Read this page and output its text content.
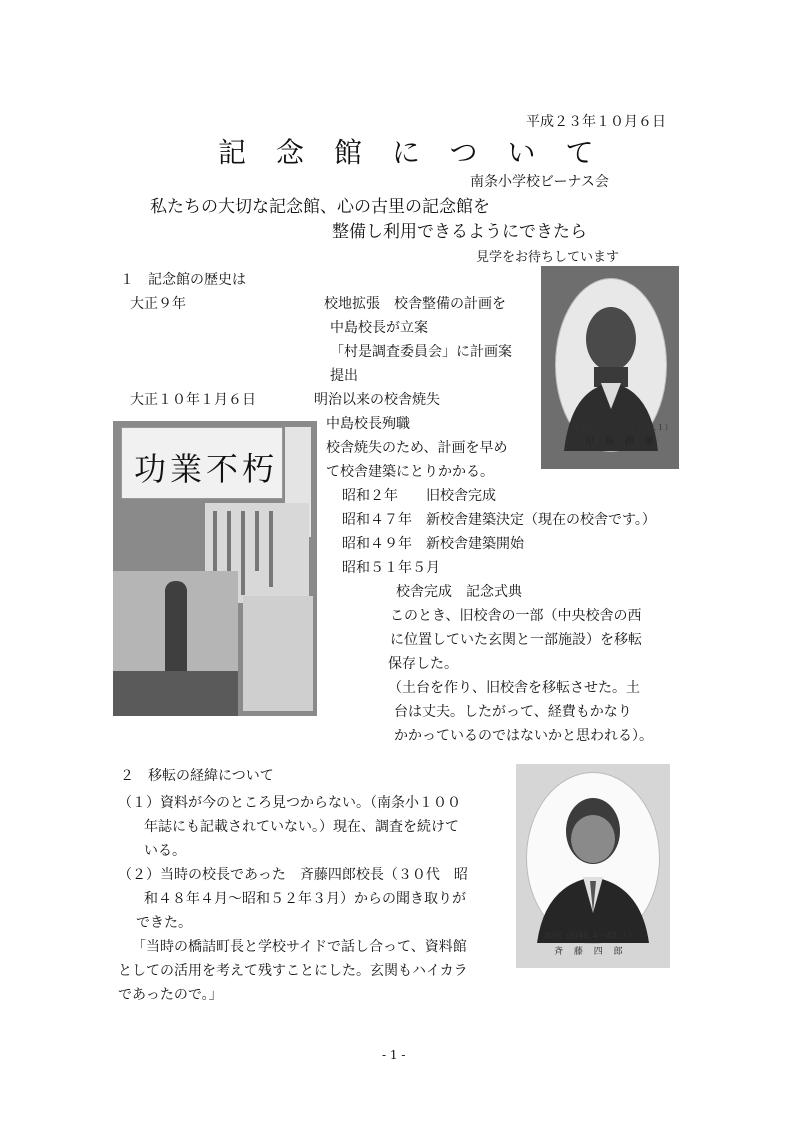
平成２３年１０月６日
記念館について
南条小学校ビーナス会
私たちの大切な記念館、心の古里の記念館を
整備し利用できるようにできたら
見学をお待ちしています
１　記念館の歴史は
大正９年	校地拡張　校舎整備の計画を
中島校長が立案
「村是調査委員会」に計画案
提出
大正１０年１月６日	明治以来の校舎焼失
中島校長殉職
校舎焼失のため、計画を早め
て校舎建築にとりかかる。
昭和２年　　旧校舎完成
昭和４７年　新校舎建築決定（現在の校舎です。）
昭和４９年　新校舎建築開始
昭和５１年５月
校舎完成　記念式典
このとき、旧校舎の一部（中央校舎の西
に位置していた玄関と一部施設）を移転
保存した。
（土台を作り、旧校舎を移転させた。土
台は丈夫。したがって、経費もかなり
かかっているのではないかと思われる）。
２　移転の経緯について
（１）資料が今のところ見つからない。（南条小１００
年誌にも記載されていない。）現在、調査を続けて
いる。
（２）当時の校長であった　斉藤四郎校長（３０代　昭
和４８年４月～昭和５２年３月）からの聞き取りが
できた。
「当時の橋詰町長と学校サイドで話し合って、資料館
としての活用を考えて残すことにした。玄関もハイカラ
であったので。」
14代（大正８.４～10.１）
中 島 伸 重
功業不朽
30代（昭48.４～52.３）
斉 藤 四 郎
- 1 -
